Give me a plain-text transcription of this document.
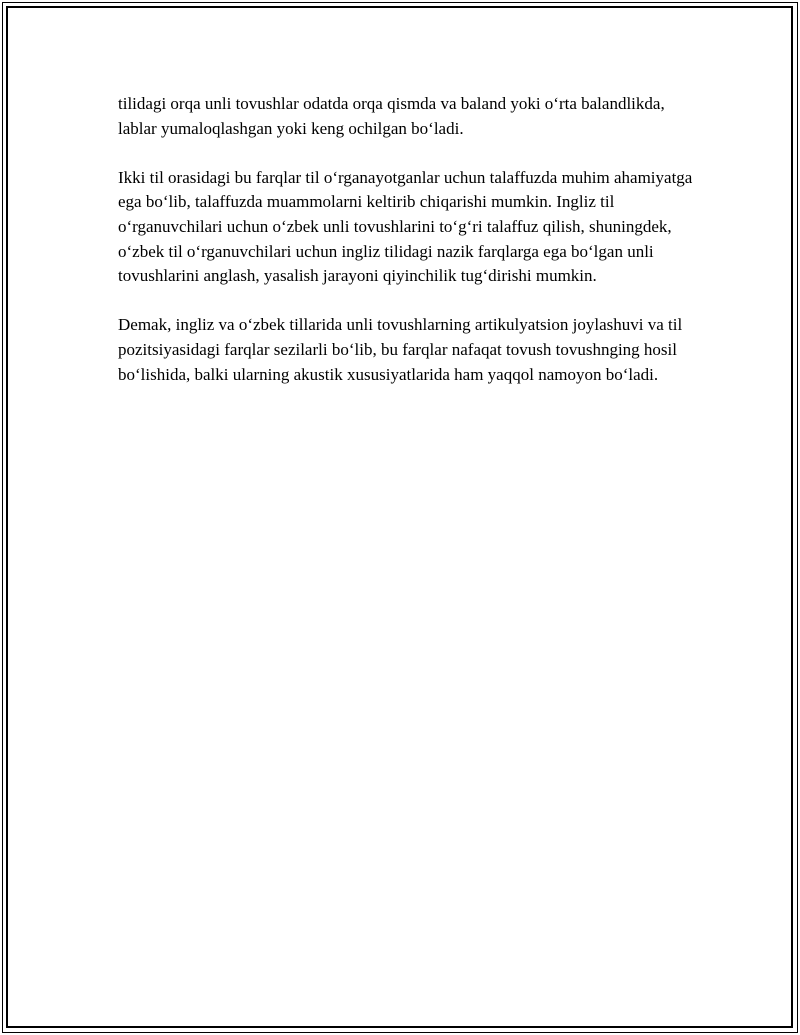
tilidagi orqa unli tovushlar odatda orqa qismda va baland yoki o‘rta balandlikda, lablar yumaloqlashgan yoki keng ochilgan bo‘ladi.

Ikki til orasidagi bu farqlar til o‘rganayotganlar uchun talaffuzda muhim ahamiyatga ega bo‘lib, talaffuzda muammolarni keltirib chiqarishi mumkin. Ingliz til o‘rganuvchilari uchun o‘zbek unli tovushlarini to‘g‘ri talaffuz qilish, shuningdek, o‘zbek til o‘rganuvchilari uchun ingliz tilidagi nazik farqlarga ega bo‘lgan unli tovushlarini anglash, yasalish jarayoni qiyinchilik tug‘dirishi mumkin.

Demak, ingliz va o‘zbek tillarida unli tovushlarning artikulyatsion joylashuvi va til pozitsiyasidagi farqlar sezilarli bo‘lib, bu farqlar nafaqat tovush tovushnging hosil bo‘lishida, balki ularning akustik xususiyatlarida ham yaqqol namoyon bo‘ladi.
